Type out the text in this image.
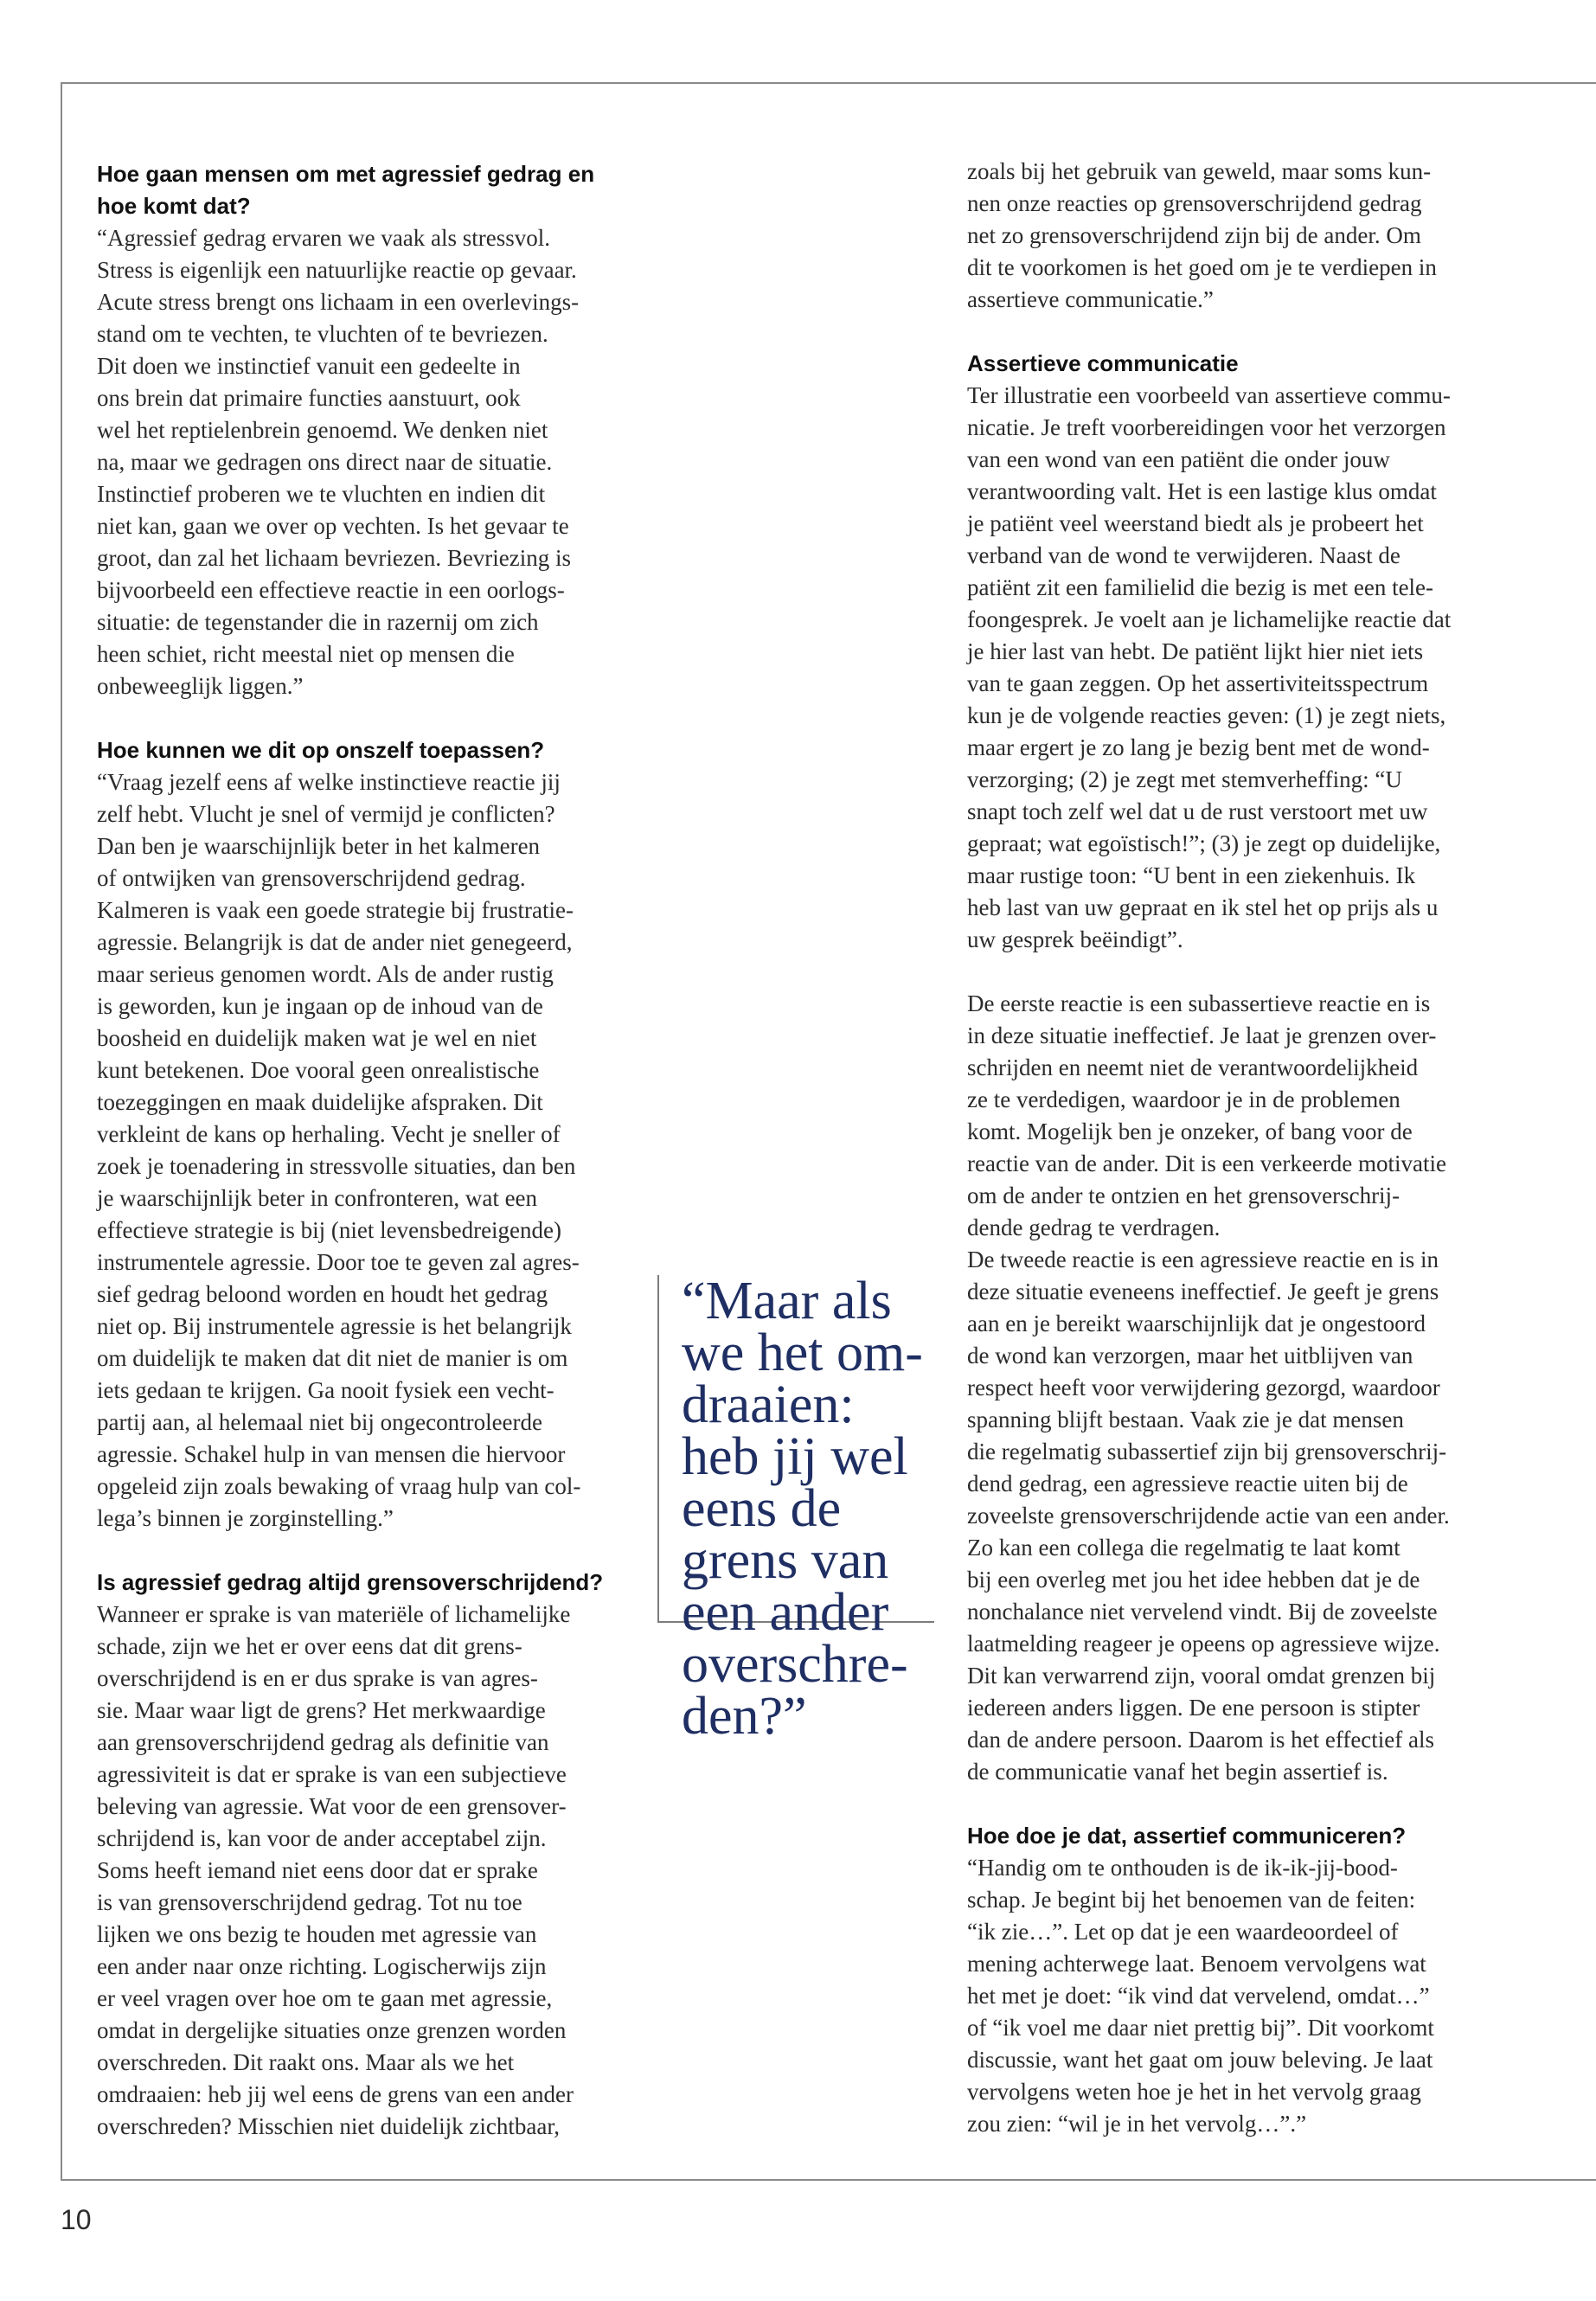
Hoe gaan mensen om met agressief gedrag en
hoe komt dat?
“Agressief gedrag ervaren we vaak als stressvol.
Stress is eigenlijk een natuurlijke reactie op gevaar.
Acute stress brengt ons lichaam in een overlevings-
stand om te vechten, te vluchten of te bevriezen.
Dit doen we instinctief vanuit een gedeelte in
ons brein dat primaire functies aanstuurt, ook
wel het reptielenbrein genoemd. We denken niet
na, maar we gedragen ons direct naar de situatie.
Instinctief proberen we te vluchten en indien dit
niet kan, gaan we over op vechten. Is het gevaar te
groot, dan zal het lichaam bevriezen. Bevriezing is
bijvoorbeeld een effectieve reactie in een oorlogs-
situatie: de tegenstander die in razernij om zich
heen schiet, richt meestal niet op mensen die
onbeweeglijk liggen.”
Hoe kunnen we dit op onszelf toepassen?
“Vraag jezelf eens af welke instinctieve reactie jij
zelf hebt. Vlucht je snel of vermijd je conflicten?
Dan ben je waarschijnlijk beter in het kalmeren
of ontwijken van grensoverschrijdend gedrag.
Kalmeren is vaak een goede strategie bij frustratie-
agressie. Belangrijk is dat de ander niet genegeerd,
maar serieus genomen wordt. Als de ander rustig
is geworden, kun je ingaan op de inhoud van de
boosheid en duidelijk maken wat je wel en niet
kunt betekenen. Doe vooral geen onrealistische
toezeggingen en maak duidelijke afspraken. Dit
verkleint de kans op herhaling. Vecht je sneller of
zoek je toenadering in stressvolle situaties, dan ben
je waarschijnlijk beter in confronteren, wat een
effectieve strategie is bij (niet levensbedreigende)
instrumentele agressie. Door toe te geven zal agres-
sief gedrag beloond worden en houdt het gedrag
niet op. Bij instrumentele agressie is het belangrijk
om duidelijk te maken dat dit niet de manier is om
iets gedaan te krijgen. Ga nooit fysiek een vecht-
partij aan, al helemaal niet bij ongecontroleerde
agressie. Schakel hulp in van mensen die hiervoor
opgeleid zijn zoals bewaking of vraag hulp van col-
lega’s binnen je zorginstelling.”
Is agressief gedrag altijd grensoverschrijdend?
Wanneer er sprake is van materiële of lichamelijke
schade, zijn we het er over eens dat dit grens-
overschrijdend is en er dus sprake is van agres-
sie. Maar waar ligt de grens? Het merkwaardige
aan grensoverschrijdend gedrag als definitie van
agressiviteit is dat er sprake is van een subjectieve
beleving van agressie. Wat voor de een grensover-
schrijdend is, kan voor de ander acceptabel zijn.
Soms heeft iemand niet eens door dat er sprake
is van grensoverschrijdend gedrag. Tot nu toe
lijken we ons bezig te houden met agressie van
een ander naar onze richting. Logischerwijs zijn
er veel vragen over hoe om te gaan met agressie,
omdat in dergelijke situaties onze grenzen worden
overschreden. Dit raakt ons. Maar als we het
omdraaien: heb jij wel eens de grens van een ander
overschreden? Misschien niet duidelijk zichtbaar,
“Maar als
we het om-
draaien:
heb jij wel
eens de
grens van
een ander
overschre-
den?”
zoals bij het gebruik van geweld, maar soms kun-
nen onze reacties op grensoverschrijdend gedrag
net zo grensoverschrijdend zijn bij de ander. Om
dit te voorkomen is het goed om je te verdiepen in
assertieve communicatie.”
Assertieve communicatie
Ter illustratie een voorbeeld van assertieve commu-
nicatie. Je treft voorbereidingen voor het verzorgen
van een wond van een patiënt die onder jouw
verantwoording valt. Het is een lastige klus omdat
je patiënt veel weerstand biedt als je probeert het
verband van de wond te verwijderen. Naast de
patiënt zit een familielid die bezig is met een tele-
foongesprek. Je voelt aan je lichamelijke reactie dat
je hier last van hebt. De patiënt lijkt hier niet iets
van te gaan zeggen. Op het assertiviteitsspectrum
kun je de volgende reacties geven: (1) je zegt niets,
maar ergert je zo lang je bezig bent met de wond-
verzorging; (2) je zegt met stemverheffing: “U
snapt toch zelf wel dat u de rust verstoort met uw
gepraat; wat egoïstisch!”; (3) je zegt op duidelijke,
maar rustige toon: “U bent in een ziekenhuis. Ik
heb last van uw gepraat en ik stel het op prijs als u
uw gesprek beëindigt”.
De eerste reactie is een subassertieve reactie en is
in deze situatie ineffectief. Je laat je grenzen over-
schrijden en neemt niet de verantwoordelijkheid
ze te verdedigen, waardoor je in de problemen
komt. Mogelijk ben je onzeker, of bang voor de
reactie van de ander. Dit is een verkeerde motivatie
om de ander te ontzien en het grensoverschrij-
dende gedrag te verdragen.
De tweede reactie is een agressieve reactie en is in
deze situatie eveneens ineffectief. Je geeft je grens
aan en je bereikt waarschijnlijk dat je ongestoord
de wond kan verzorgen, maar het uitblijven van
respect heeft voor verwijdering gezorgd, waardoor
spanning blijft bestaan. Vaak zie je dat mensen
die regelmatig subassertief zijn bij grensoverschrij-
dend gedrag, een agressieve reactie uiten bij de
zoveelste grensoverschrijdende actie van een ander.
Zo kan een collega die regelmatig te laat komt
bij een overleg met jou het idee hebben dat je de
nonchalance niet vervelend vindt. Bij de zoveelste
laatmelding reageer je opeens op agressieve wijze.
Dit kan verwarrend zijn, vooral omdat grenzen bij
iedereen anders liggen. De ene persoon is stipter
dan de andere persoon. Daarom is het effectief als
de communicatie vanaf het begin assertief is.
Hoe doe je dat, assertief communiceren?
“Handig om te onthouden is de ik-ik-jij-bood-
schap. Je begint bij het benoemen van de feiten:
“ik zie…”. Let op dat je een waardeoordeel of
mening achterwege laat. Benoem vervolgens wat
het met je doet: “ik vind dat vervelend, omdat…”
of “ik voel me daar niet prettig bij”. Dit voorkomt
discussie, want het gaat om jouw beleving. Je laat
vervolgens weten hoe je het in het vervolg graag
zou zien: “wil je in het vervolg…”.”
10
